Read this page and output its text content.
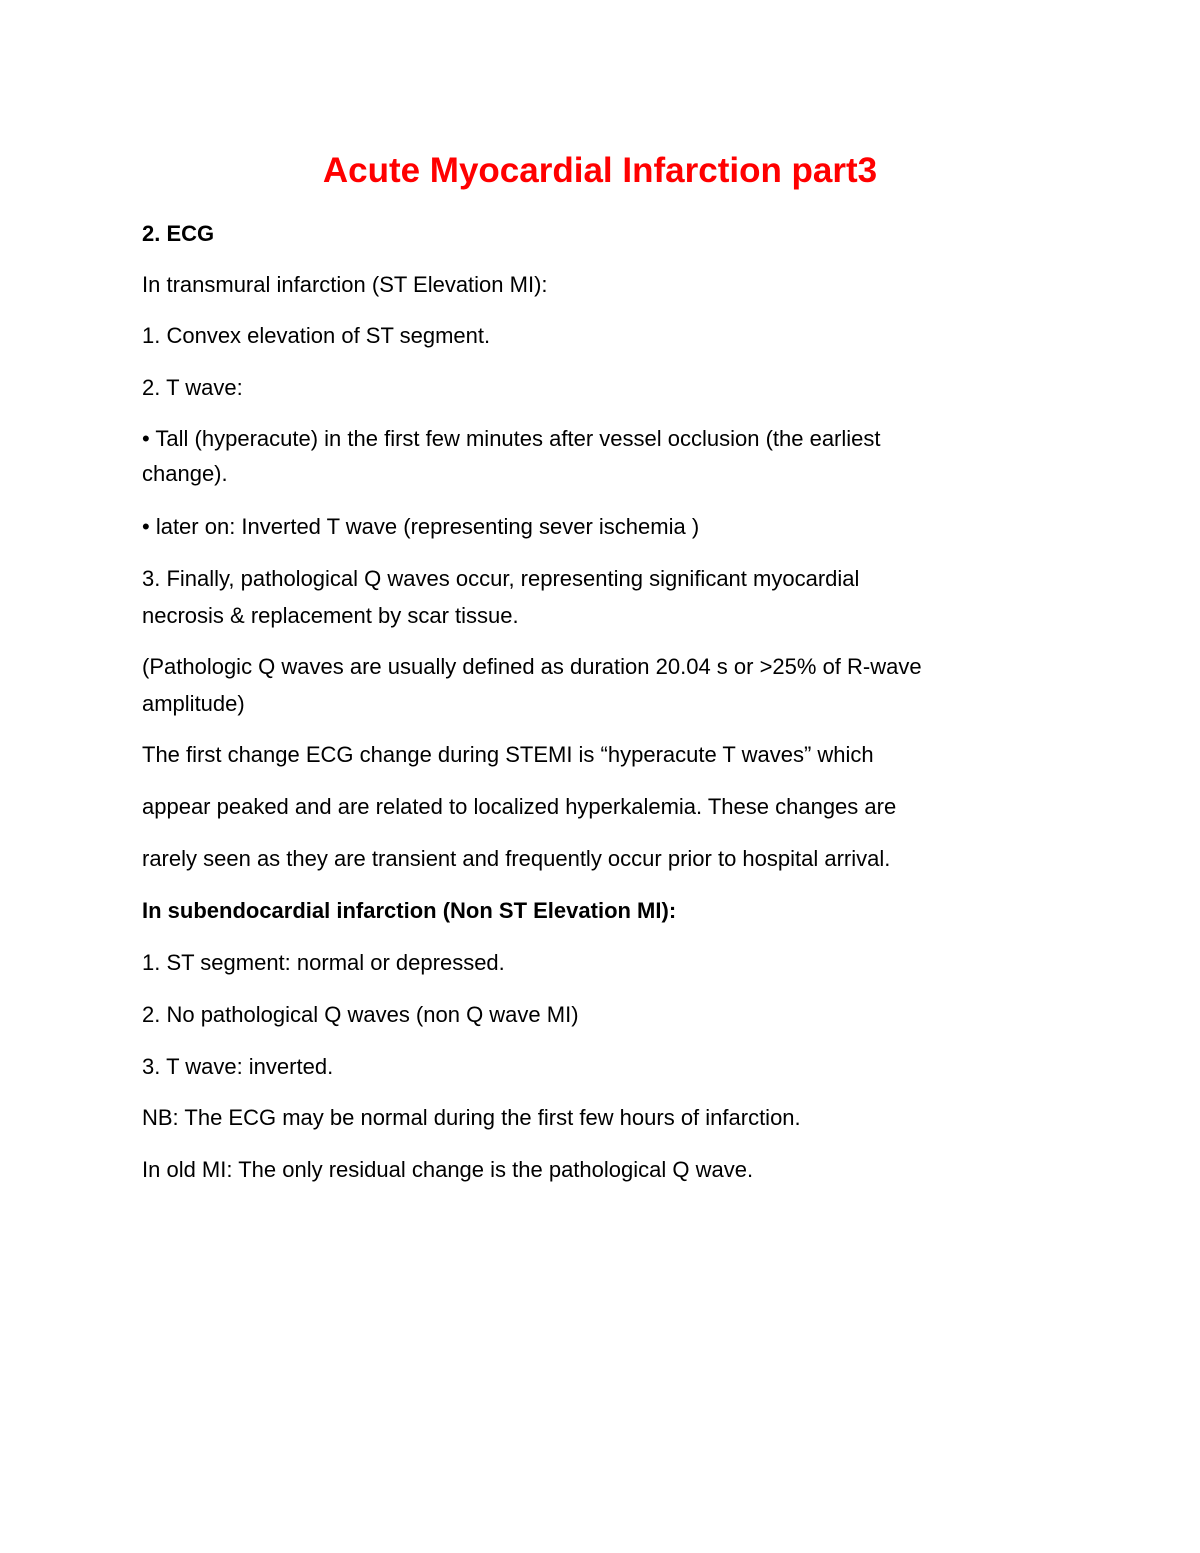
Acute Myocardial Infarction part3
2. ECG
In transmural infarction (ST Elevation MI):
1. Convex elevation of ST segment.
2. T wave:
• Tall (hyperacute) in the first few minutes after vessel occlusion (the earliest
change).
• later on: Inverted T wave (representing sever ischemia )
3. Finally, pathological Q waves occur, representing significant myocardial
necrosis & replacement by scar tissue.
(Pathologic Q waves are usually defined as duration 20.04 s or >25% of R-wave
amplitude)
The first change ECG change during STEMI is “hyperacute T waves” which
appear peaked and are related to localized hyperkalemia. These changes are
rarely seen as they are transient and frequently occur prior to hospital arrival.
In subendocardial infarction (Non ST Elevation MI):
1. ST segment: normal or depressed.
2. No pathological Q waves (non Q wave MI)
3. T wave: inverted.
NB: The ECG may be normal during the first few hours of infarction.
In old MI: The only residual change is the pathological Q wave.
